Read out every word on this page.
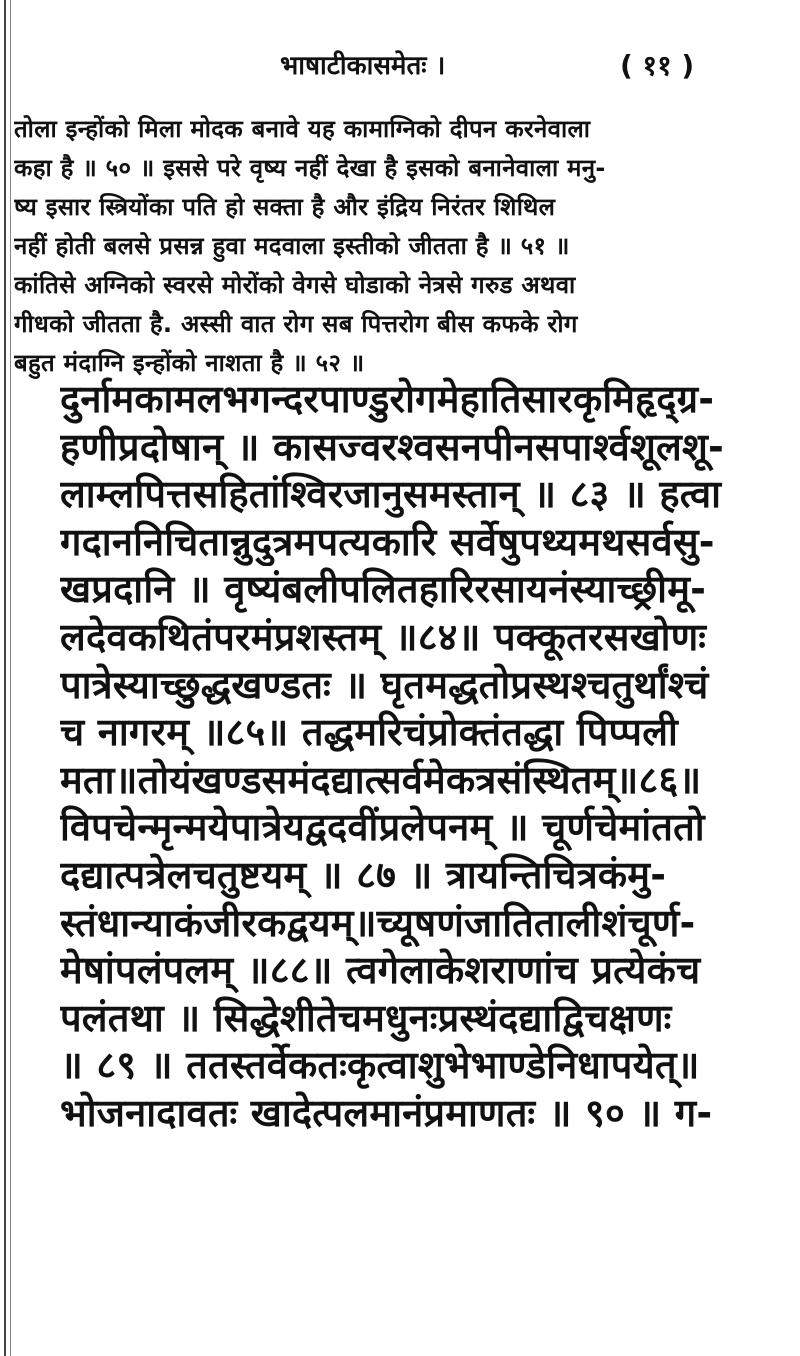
भाषाटीकासमेतः ।	( ११ )
तोला इन्होंको मिला मोदक बनावे यह कामाग्निको दीपन करनेवाला
कहा है ॥ ५० ॥ इससे परे वृष्य नहीं देखा है इसको बनानेवाला मनु-
ष्य इसार स्त्रियोंका पति हो सक्ता है और इंद्रिय निरंतर शिथिल
नहीं होती बलसे प्रसन्न हुवा मदवाला इस्तीको जीतता है ॥ ५१ ॥
कांतिसे अग्निको स्वरसे मोरोंको वेगसे घोडाको नेत्रसे गरुड अथवा
गीधको जीतता है. अस्सी वात रोग सब पित्तरोग बीस कफके रोग
बहुत मंदाग्नि इन्होंको नाशता है ॥ ५२ ॥
दुर्नामकामलभगन्दरपाण्डुरोगमेहातिसारकृमिहृद्ग्र-
हणीप्रदोषान् ॥ कासज्वरश्वसनपीनसपार्श्वशूलशू-
लाम्लपित्तसहितांश्विरजानुसमस्तान् ॥ ८३ ॥ हत्वा
गदाननिचितान्नुदुत्रमपत्यकारि सर्वेषुपथ्यमथसर्वसु-
खप्रदानि ॥ वृष्यंबलीपलितहारिरसायनंस्याच्छ्रीमू-
लदेवकथितंपरमंप्रशस्तम् ॥८४॥ पक्कूतरसखोणः
पात्रेस्याच्छुद्धखण्डतः ॥ घृतमद्धतोप्रस्थश्चतुर्थांश्चं
च नागरम् ॥८५॥ तद्धमरिचंप्रोक्तंतद्धा पिप्पली
मता॥तोयंखण्डसमंदद्यात्सर्वमेकत्रसंस्थितम्॥८६॥
विपचेन्मृन्मयेपात्रेयद्वदवींप्रलेपनम् ॥ चूर्णचेमांततो
दद्यात्पत्रेलचतुष्टयम् ॥ ८७ ॥ त्रायन्तिचित्रकंमु-
स्तंधान्याकंजीरकद्वयम्॥च्यूषणंजातितालीशंचूर्ण-
मेषांपलंपलम् ॥८८॥ त्वगेलाकेशराणांच प्रत्येकंच
पलंतथा ॥ सिद्धेशीतेचमधुनःप्रस्थंदद्याद्विचक्षणः
॥ ८९ ॥ ततस्तर्वेकतःकृत्वाशुभेभाण्डेनिधापयेत्॥
भोजनादावतः खादेत्पलमानंप्रमाणतः ॥ ९० ॥ ग-
